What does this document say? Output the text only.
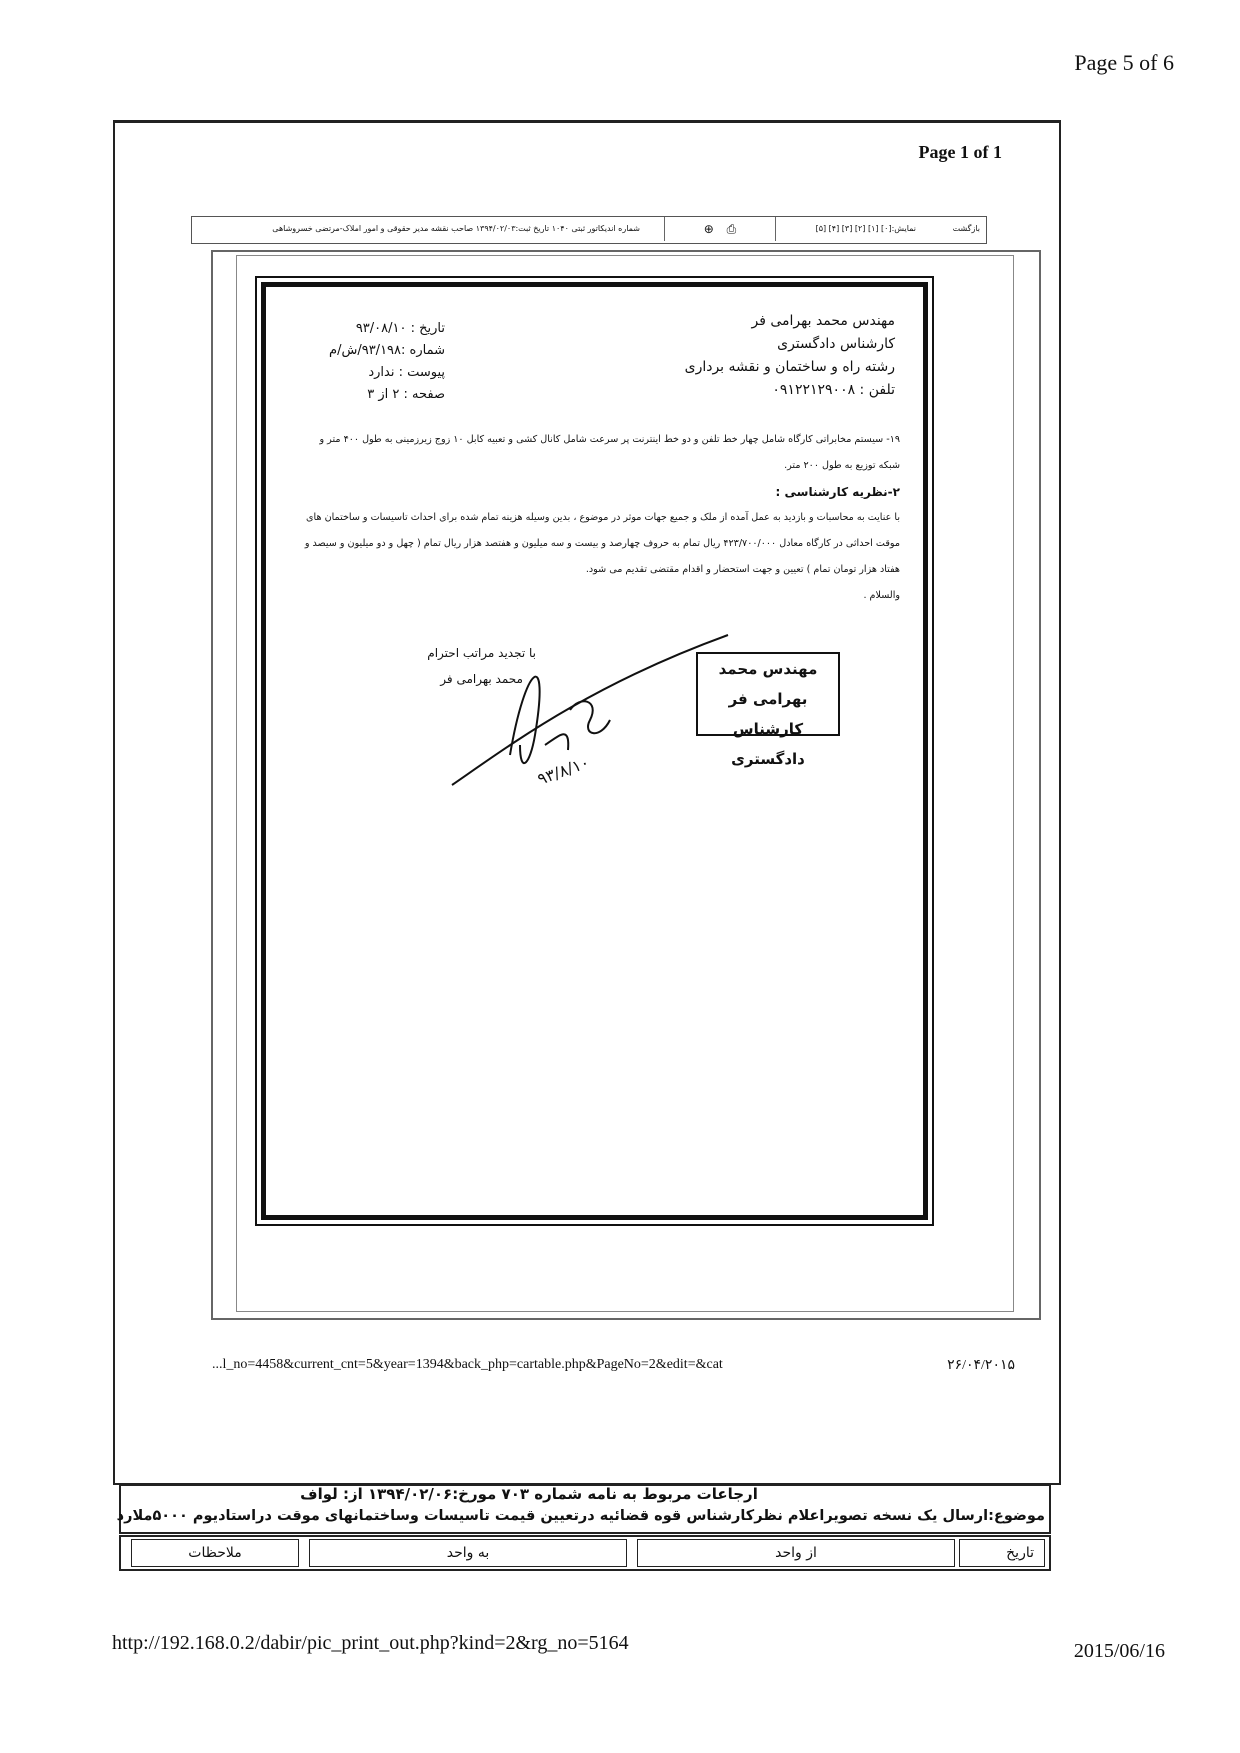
Page 5 of 6
Page 1 of 1
بازگشت
نمایش:[۰] [۱] [۲] [۳] [۴] [۵]
⎙     ⊕
شماره اندیکاتور ثبتی ۱۰۴۰ تاریخ ثبت:۱۳۹۴/۰۲/۰۳ صاحب نقشه مدیر حقوقی و امور املاک-مرتضی خسروشاهی
مهندس محمد بهرامی فر
کارشناس دادگستری
رشته راه و ساختمان و نقشه برداری
تلفن : ۰۹۱۲۲۱۲۹۰۰۸
تاریخ : ۹۳/۰۸/۱۰
شماره :۹۳/۱۹۸/ش/م
پیوست : ندارد
صفحه : ۲ از ۳

۱۹- سیستم مخابراتی کارگاه شامل چهار خط تلفن و دو خط اینترنت پر سرعت شامل کانال کشی و تعبیه کابل ۱۰ زوج زیرزمینی به طول ۴۰۰ متر و شبکه توزیع به طول ۲۰۰ متر.

۲-نظریه کارشناسی :

با عنایت به محاسبات و بازدید به عمل آمده از ملک و جمیع جهات موثر در موضوع ، بدین وسیله هزینه تمام شده برای احداث تاسیسات و ساختمان های موقت احداثی در کارگاه معادل ۴۲۳/۷۰۰/۰۰۰ ریال تمام به حروف چهارصد و بیست و سه میلیون و هفتصد هزار ریال تمام ( چهل و دو میلیون و سیصد و هفتاد هزار تومان تمام ) تعیین و جهت استحضار و اقدام مقتضی تقدیم می شود.

والسلام .

با تجدید مراتب احترام
محمد بهرامی فر
مهندس محمد بهرامی فر
کارشناس دادگستری
۹۳/۸/۱۰
...l_no=4458&current_cnt=5&year=1394&back_php=cartable.php&PageNo=2&edit=&cat	۲۶/۰۴/۲۰۱۵
ارجاعات مربوط به نامه شماره ۷۰۳ مورخ:۱۳۹۴/۰۲/۰۶ از: لواف
موضوع:ارسال یک نسخه تصویراعلام نظرکارشناس قوه قضائیه درتعیین قیمت تاسیسات وساختمانهای موقت دراستادیوم ۵۰۰۰ملارد
تاریخ
از واحد
به واحد
ملاحظات
http://192.168.0.2/dabir/pic_print_out.php?kind=2&rg_no=5164	2015/06/16
